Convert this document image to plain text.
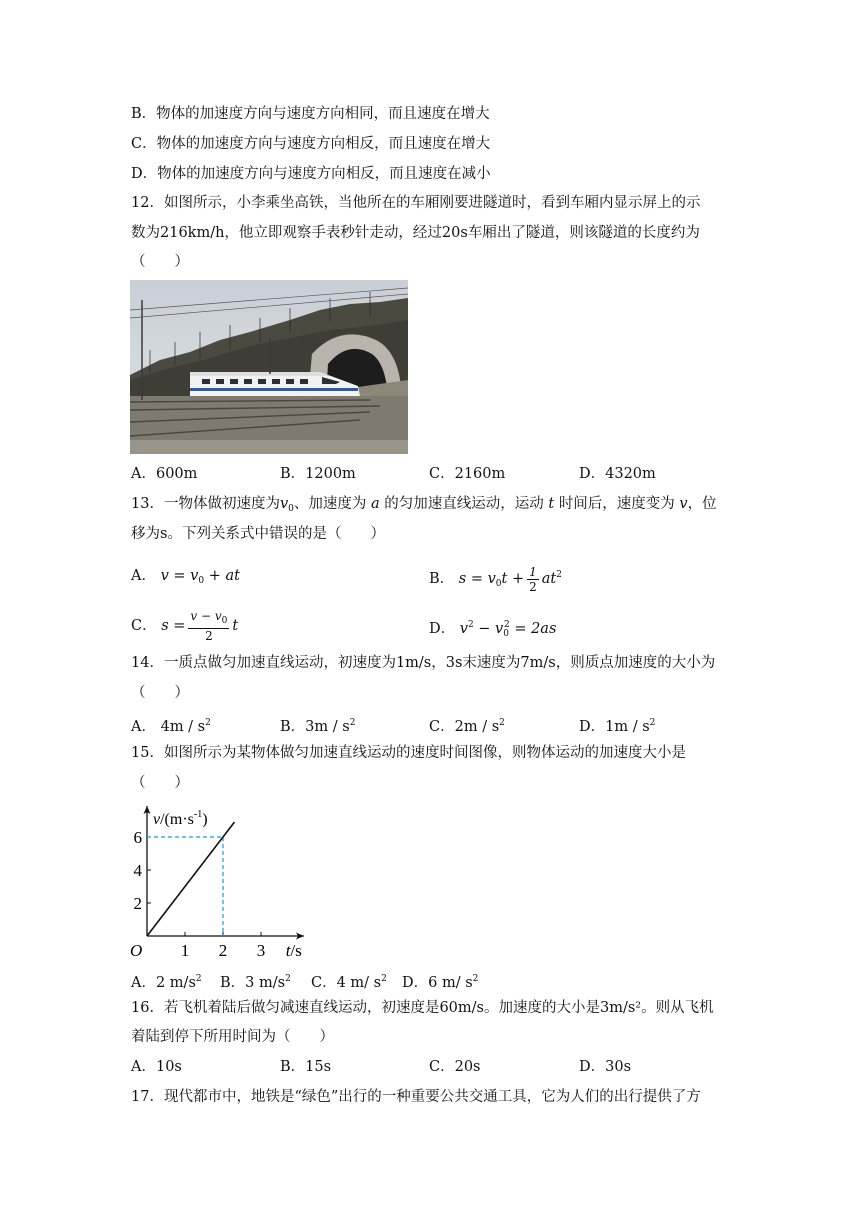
B．物体的加速度方向与速度方向相同，而且速度在增大
C．物体的加速度方向与速度方向相反，而且速度在增大
D．物体的加速度方向与速度方向相反，而且速度在减小
12．如图所示，小李乘坐高铁，当他所在的车厢刚要进隧道时，看到车厢内显示屏上的示
数为216km/h，他立即观察手表秒针走动，经过20s车厢出了隧道，则该隧道的长度约为
（　　）
A．600m	B．1200m	C．2160m	D．4320m
13．一物体做初速度为$v_0$、加速度为 a 的匀加速直线运动，运动 t 时间后，速度变为 v，位
移为s。下列关系式中错误的是（　　）
A． $v = v_0$ + at	B． $s = v_0t + \frac{1}{2} at^2$
C． $s = \frac{v - v_0}{2}$ t	D． $v^2 - v_0^2 = 2as$
14．一质点做匀加速直线运动，初速度为1m/s，3s末速度为7m/s，则质点加速度的大小为
（　　）
A． $4m / s^2$	B．$3m / s^2$	C．$2m / s^2$	D．$1m / s^2$
15．如图所示为某物体做匀加速直线运动的速度时间图像，则物体运动的加速度大小是
（　　）
1 2 3
2
4
6
O
$v/(m\cdot s^{-1})$
t/s
A．2 $m/s^2$ B．3 $m/s^2$ C．4 m/ $s^2$ D．6 m/ $s^2$
16．若飞机着陆后做匀减速直线运动，初速度是60m/s。加速度的大小是3m/s²。则从飞机
着陆到停下所用时间为（　　）
A．10s	B．15s	C．20s	D．30s
17．现代都市中，地铁是“绿色”出行的一种重要公共交通工具，它为人们的出行提供了方
